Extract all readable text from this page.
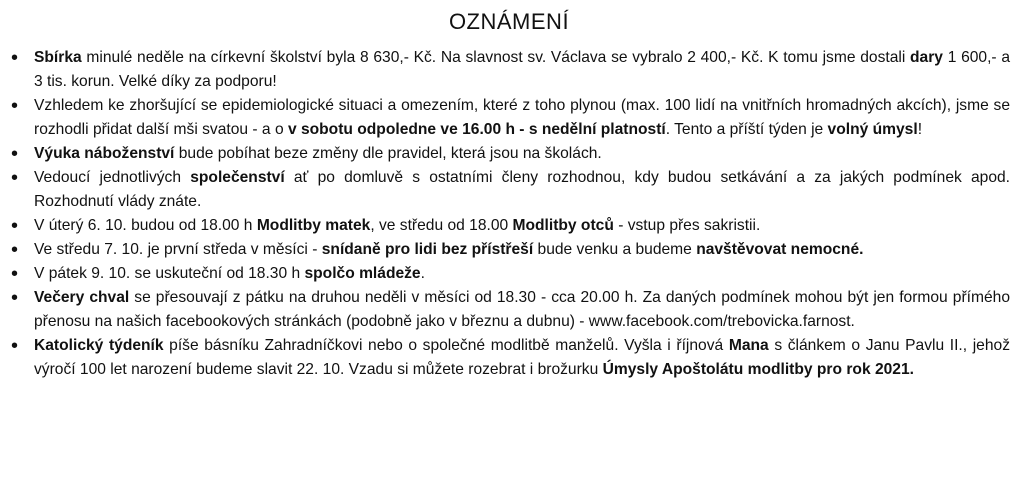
OZNÁMENÍ
• Sbírka minulé neděle na církevní školství byla 8 630,- Kč. Na slavnost sv. Václava se vybralo 2 400,- Kč. K tomu jsme dostali dary 1 600,- a 3 tis. korun. Velké díky za podporu!
• Vzhledem ke zhoršující se epidemiologické situaci a omezením, které z toho plynou (max. 100 lidí na vnitřních hromadných akcích), jsme se rozhodli přidat další mši svatou - a o v sobotu odpoledne ve 16.00 h - s nedělní platností. Tento a příští týden je volný úmysl!
• Výuka náboženství bude pobíhat beze změny dle pravidel, která jsou na školách.
• Vedoucí jednotlivých společenství ať po domluvě s ostatními členy rozhodnou, kdy budou setkávání a za jakých podmínek apod. Rozhodnutí vlády znáte.
• V úterý 6. 10. budou od 18.00 h Modlitby matek, ve středu od 18.00 Modlitby otců - vstup přes sakristii.
• Ve středu 7. 10. je první středa v měsíci - snídaně pro lidi bez přístřeší bude venku a budeme navštěvovat nemocné.
• V pátek 9. 10. se uskuteční od 18.30 h spolčo mládeže.
• Večery chval se přesouvají z pátku na druhou neděli v měsíci od 18.30 - cca 20.00 h. Za daných podmínek mohou být jen formou přímého přenosu na našich facebookových stránkách (podobně jako v březnu a dubnu) - www.facebook.com/trebovicka.farnost.
• Katolický týdeník píše básníku Zahradníčkovi nebo o společné modlitbě manželů. Vyšla i říjnová Mana s článkem o Janu Pavlu II., jehož výročí 100 let narození budeme slavit 22. 10. Vzadu si můžete rozebrat i brožurku Úmysly Apoštolátu modlitby pro rok 2021.
